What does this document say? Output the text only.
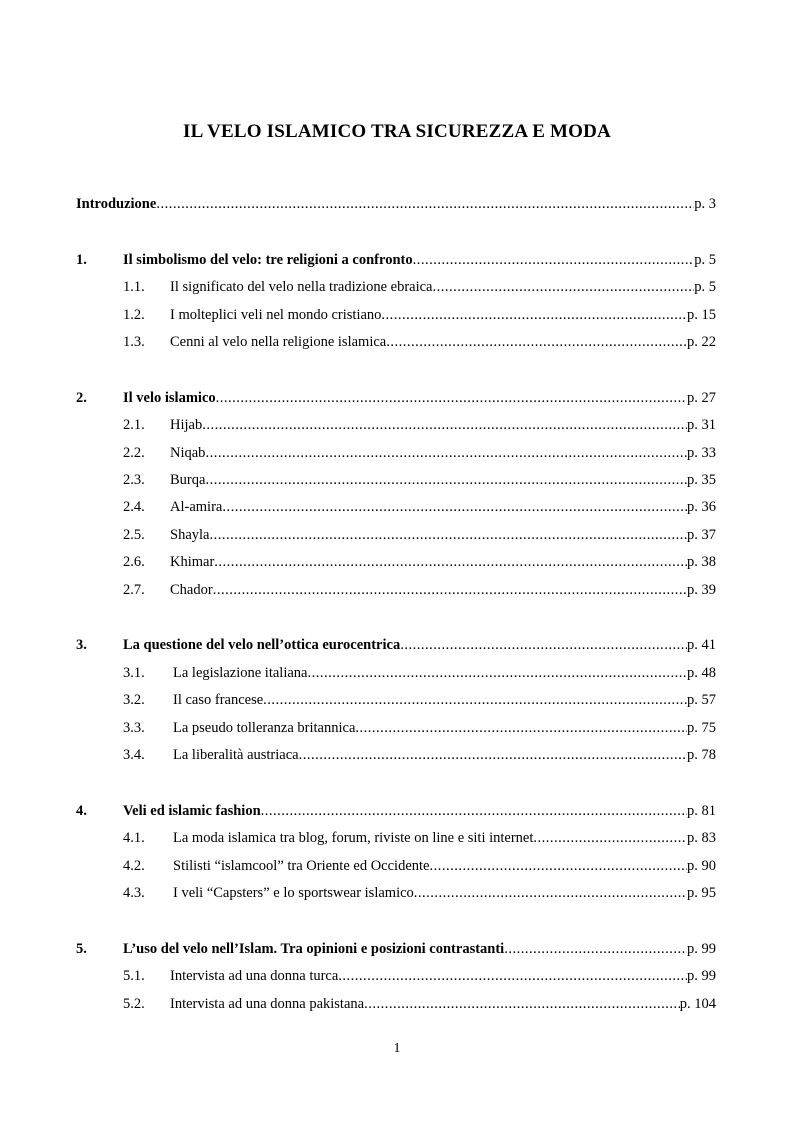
IL VELO ISLAMICO TRA SICUREZZA E MODA
Introduzione .....	p. 3
1. Il simbolismo del velo: tre religioni a confronto .....	p. 5
1.1. Il significato del velo nella tradizione ebraica .....	p. 5
1.2. I molteplici veli nel mondo cristiano .....	p. 15
1.3. Cenni al velo nella religione islamica .....	p. 22
2. Il velo islamico .....	p. 27
2.1. Hijab .....	p. 31
2.2. Niqab .....	p. 33
2.3. Burqa .....	p. 35
2.4. Al-amira .....	p. 36
2.5. Shayla .....	p. 37
2.6. Khimar .....	p. 38
2.7. Chador .....	p. 39
3. La questione del velo nell’ottica eurocentrica .....	p. 41
3.1. La legislazione italiana .....	p. 48
3.2. Il caso francese .....	p. 57
3.3. La pseudo tolleranza britannica .....	p. 75
3.4. La liberalità austriaca .....	p. 78
4. Veli ed islamic fashion .....	p. 81
4.1. La moda islamica tra blog, forum, riviste on line e siti internet .....	p. 83
4.2. Stilisti “islamcool” tra Oriente ed Occidente .....	p. 90
4.3. I veli “Capsters” e lo sportswear islamico .....	p. 95
5. L’uso del velo nell’Islam. Tra opinioni e posizioni contrastanti .....	p. 99
5.1. Intervista ad una donna turca .....	p. 99
5.2. Intervista ad una donna pakistana .....	p. 104
1
